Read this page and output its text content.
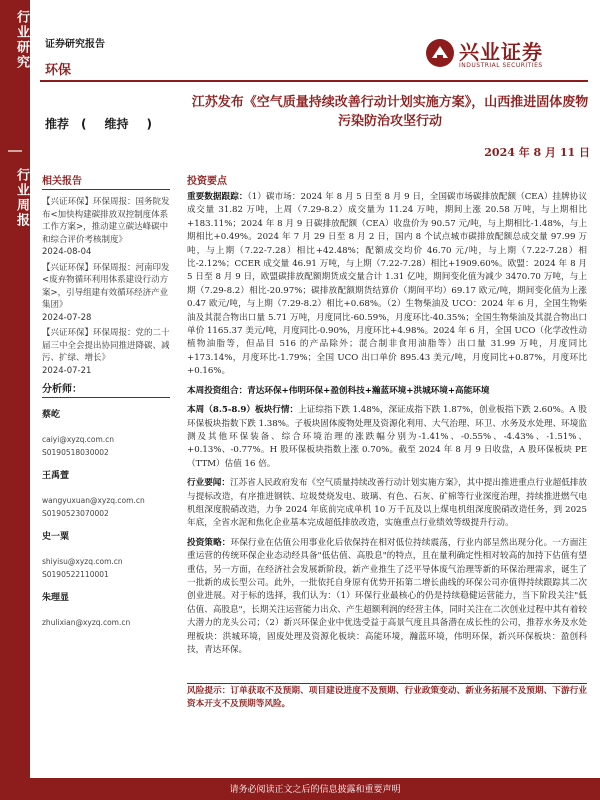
行业研究
行业周报
证券研究报告
环保
兴业证券
INDUSTRIAL SECURITIES
江苏发布《空气质量持续改善行动计划实施方案》，山西推进固体废物污染防治攻坚行动
推荐 ( 维持 )
2024 年 8 月 11 日
相关报告
【兴证环保】环保周报：国务院发布<加快构建碳排放双控制度体系工作方案>，推动建立碳达峰碳中和综合评价考核制度》
2024-08-04
【兴证环保】环保周报：河南印发<废弃物循环利用体系建设行动方案>，引导组建有效循环经济产业集团》
2024-07-28
【兴证环保】环保周报：党的二十届三中全会提出协同推进降碳、减污、扩绿、增长》
2024-07-21
分析师：
蔡屹
caiyi@xyzq.com.cn
S0190518030002
王禹萱
wangyuxuan@xyzq.com.cn
S0190523070002
史一粟
shiyisu@xyzq.com.cn
S0190522110001
朱理显
zhulixian@xyzq.com.cn
投资要点

重要数据跟踪：（1）碳市场：2024 年 8 月 5 日至 8 月 9 日，全国碳市场碳排放配额（CEA）挂牌协议成交量 31.82 万吨，上周（7.29-8.2）成交量为 11.24 万吨，期间上涨 20.58 万吨，与上期相比+183.11%；2024 年 8 月 9 日碳排放配额（CEA）收盘价为 90.57 元/吨，与上期相比-1.48%，与上期相比+0.49%。2024 年 7 月 29 日至 8 月 2 日，国内 8 个试点城市碳排放配额总成交量 97.99 万吨，与上期（7.22-7.28）相比+42.48%；配额成交均价 46.70 元/吨，与上期（7.22-7.28）相比-2.12%；CCER 成交量 46.91 万吨，与上期（7.22-7.28）相比+1909.60%。欧盟：2024 年 8 月 5 日至 8 月 9 日，欧盟碳排放配额期货成交量合计 1.31 亿吨，期间变化值为减少 3470.70 万吨，与上期（7.29-8.2）相比-20.97%；碳排放配额期货结算价（期间平均）69.17 欧元/吨，期间变化值为上涨 0.47 欧元/吨，与上期（7.29-8.2）相比+0.68%。（2）生物柴油及 UCO：2024 年 6 月，全国生物柴油及其混合物出口量 5.71 万吨，月度同比-60.59%，月度环比-40.35%；全国生物柴油及其混合物出口单价 1165.37 美元/吨，月度同比-0.90%，月度环比+4.98%。2024 年 6 月，全国 UCO（化学改性动植物油脂等，但品目 516 的产品除外；混合制非食用油脂等）出口量 31.99 万吨，月度同比+173.14%，月度环比-1.79%；全国 UCO 出口单价 895.43 美元/吨，月度同比+0.87%，月度环比+0.16%。

本周投资组合：青达环保+伟明环保+盈创科技+瀚蓝环境+洪城环境+高能环境

本周（8.5-8.9）板块行情：上证综指下跌 1.48%，深证成指下跌 1.87%，创业板指下跌 2.60%。A 股环保板块指数下跌 1.38%。子板块固体废物处理及资源化利用、大气治理、环卫、水务及水处理、环境监测及其他环保装备、综合环境治理的涨跌幅分别为-1.41%、-0.55%、-4.43%、-1.51%、+0.13%、-0.77%。H 股环保板块指数上涨 0.70%。截至 2024 年 8 月 9 日收盘，A 股环保板块 PE（TTM）估值 16 倍。

行业要闻：江苏省人民政府发布《空气质量持续改善行动计划实施方案》，其中提出推进重点行业超低排放与提标改造，有序推进钢铁、垃圾焚烧发电、玻璃、有色、石灰、矿棉等行业深度治理，持续推进燃气电机组深度脱硝改造，力争 2024 年底前完成单机 10 万千瓦及以上煤电机组深度脱硝改造任务，到 2025 年底，全省水泥和焦化企业基本完成超低排放改造，实施重点行业绩效等级提升行动。

投资策略：环保行业在估值公用事业化后依保持在相对低位持续震荡，行业内部呈然出现分化。一方面注重运营的传统环保企业态动经具备"低估值、高股息"的特点，且在量利确定性相对较高的加持下估值有望重估，另一方面，在经济社会发展新阶段，新产业推生了泛平导体废气治理等新的环保治理需求，诞生了一批新的成长型公司。此外，一批依托自身原有优势开拓第二增长曲线的环保公司亦值得持续跟踪其二次创业进展。对于标的选择，我们认为：（1）环保行业最核心的仍是持续稳健运营能力，当下阶段关注"低估值、高股息"，长期关注运营能力出众、产生超额利润的经营主体，同时关注在二次创业过程中其有着较大潜力的龙头公司；（2）新兴环保企业中优选受益于高景气度且具备潜在成长性的公司，推荐水务及水处理板块：洪城环境，固废处理及资源化板块：高能环境，瀚蓝环境，伟明环保，新兴环保板块：盈创科技，青达环保。

风险提示：订单获取不及预期、项目建设进度不及预期、行业政策变动、新业务拓展不及预期、下游行业资本开支不及预期等风险。
请务必阅读正文之后的信息披露和重要声明
